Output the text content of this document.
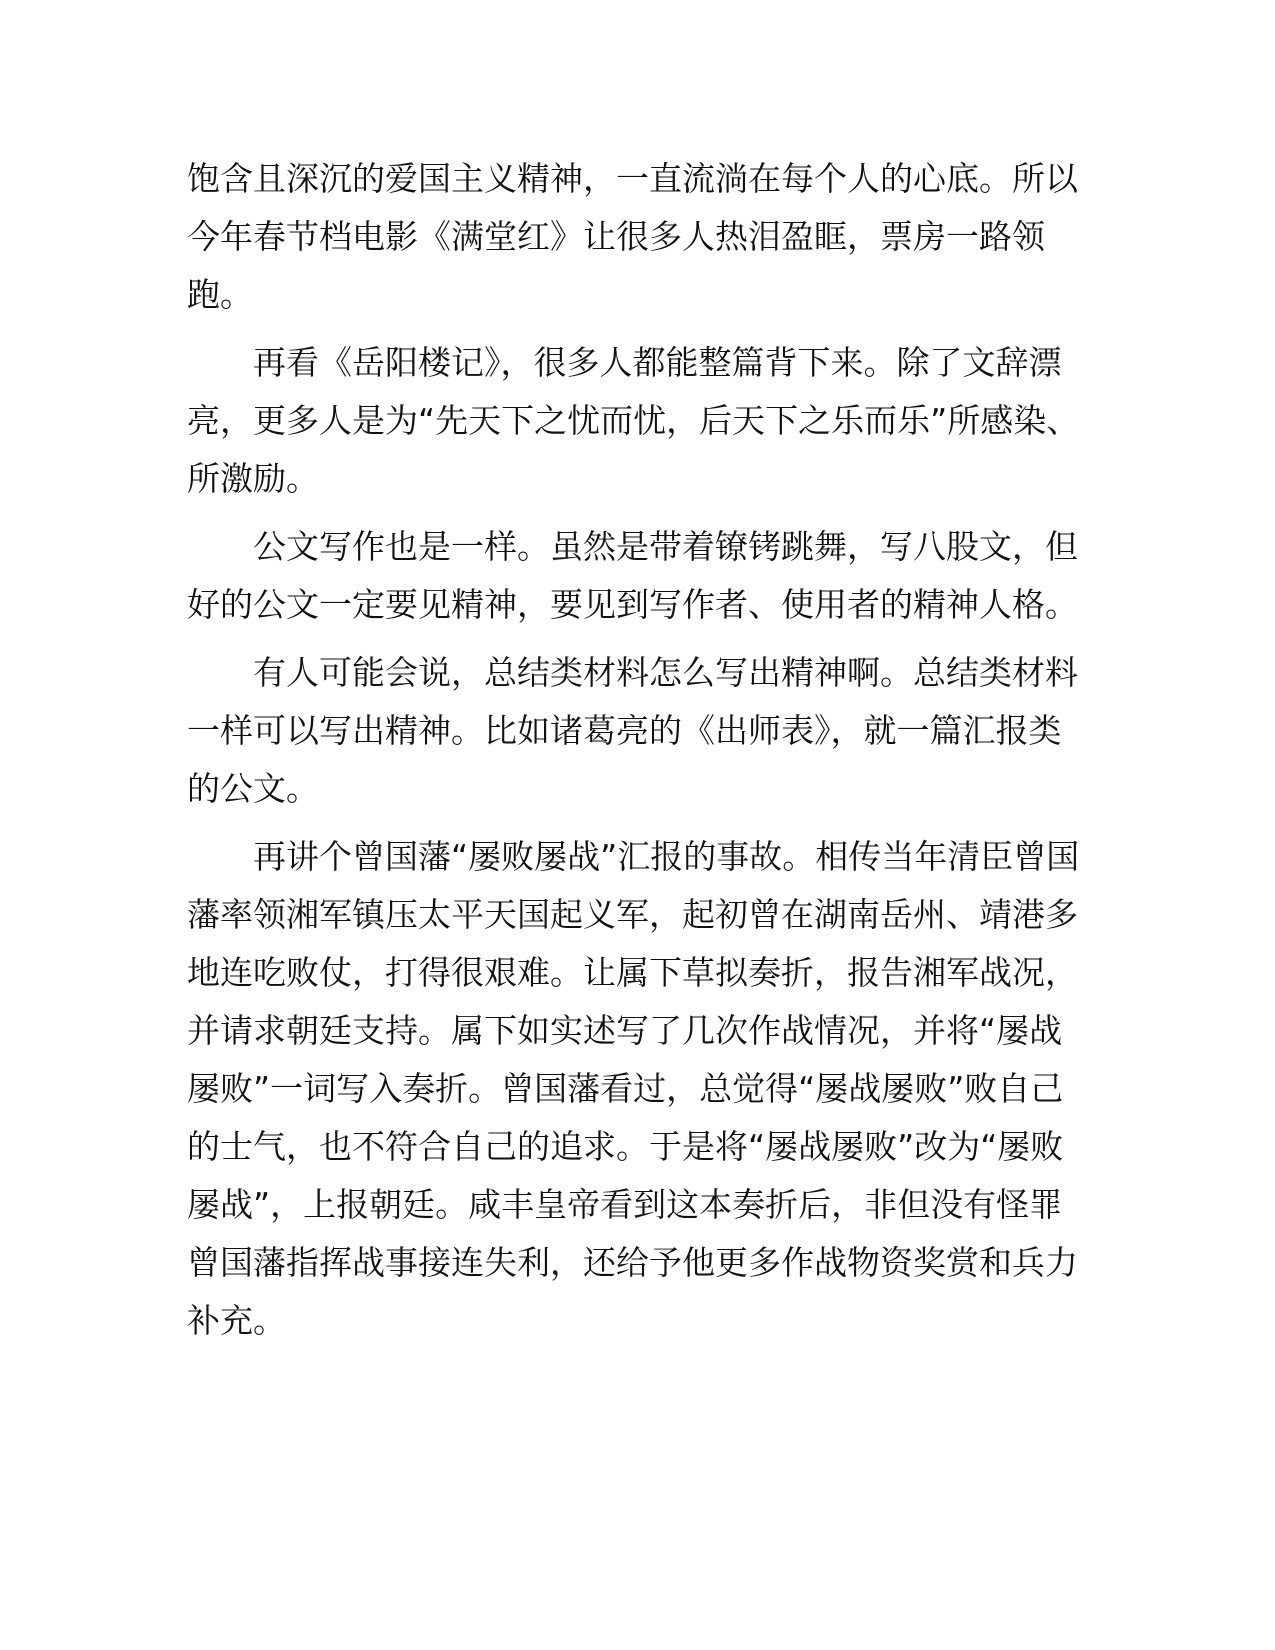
饱含且深沉的爱国主义精神，一直流淌在每个人的心底。所以今年春节档电影《满堂红》让很多人热泪盈眶，票房一路领跑。

再看《岳阳楼记》，很多人都能整篇背下来。除了文辞漂亮，更多人是为“先天下之忧而忧，后天下之乐而乐”所感染、所激励。

公文写作也是一样。虽然是带着镣铐跳舞，写八股文，但好的公文一定要见精神，要见到写作者、使用者的精神人格。

有人可能会说，总结类材料怎么写出精神啊。总结类材料一样可以写出精神。比如诸葛亮的《出师表》，就一篇汇报类的公文。

再讲个曾国藩“屡败屡战”汇报的事故。相传当年清臣曾国藩率领湘军镇压太平天国起义军，起初曾在湖南岳州、靖港多地连吃败仗，打得很艰难。让属下草拟奏折，报告湘军战况，并请求朝廷支持。属下如实述写了几次作战情况，并将“屡战屡败”一词写入奏折。曾国藩看过，总觉得“屡战屡败”败自己的士气，也不符合自己的追求。于是将“屡战屡败”改为“屡败屡战”，上报朝廷。咸丰皇帝看到这本奏折后，非但没有怪罪曾国藩指挥战事接连失利，还给予他更多作战物资奖赏和兵力补充。
